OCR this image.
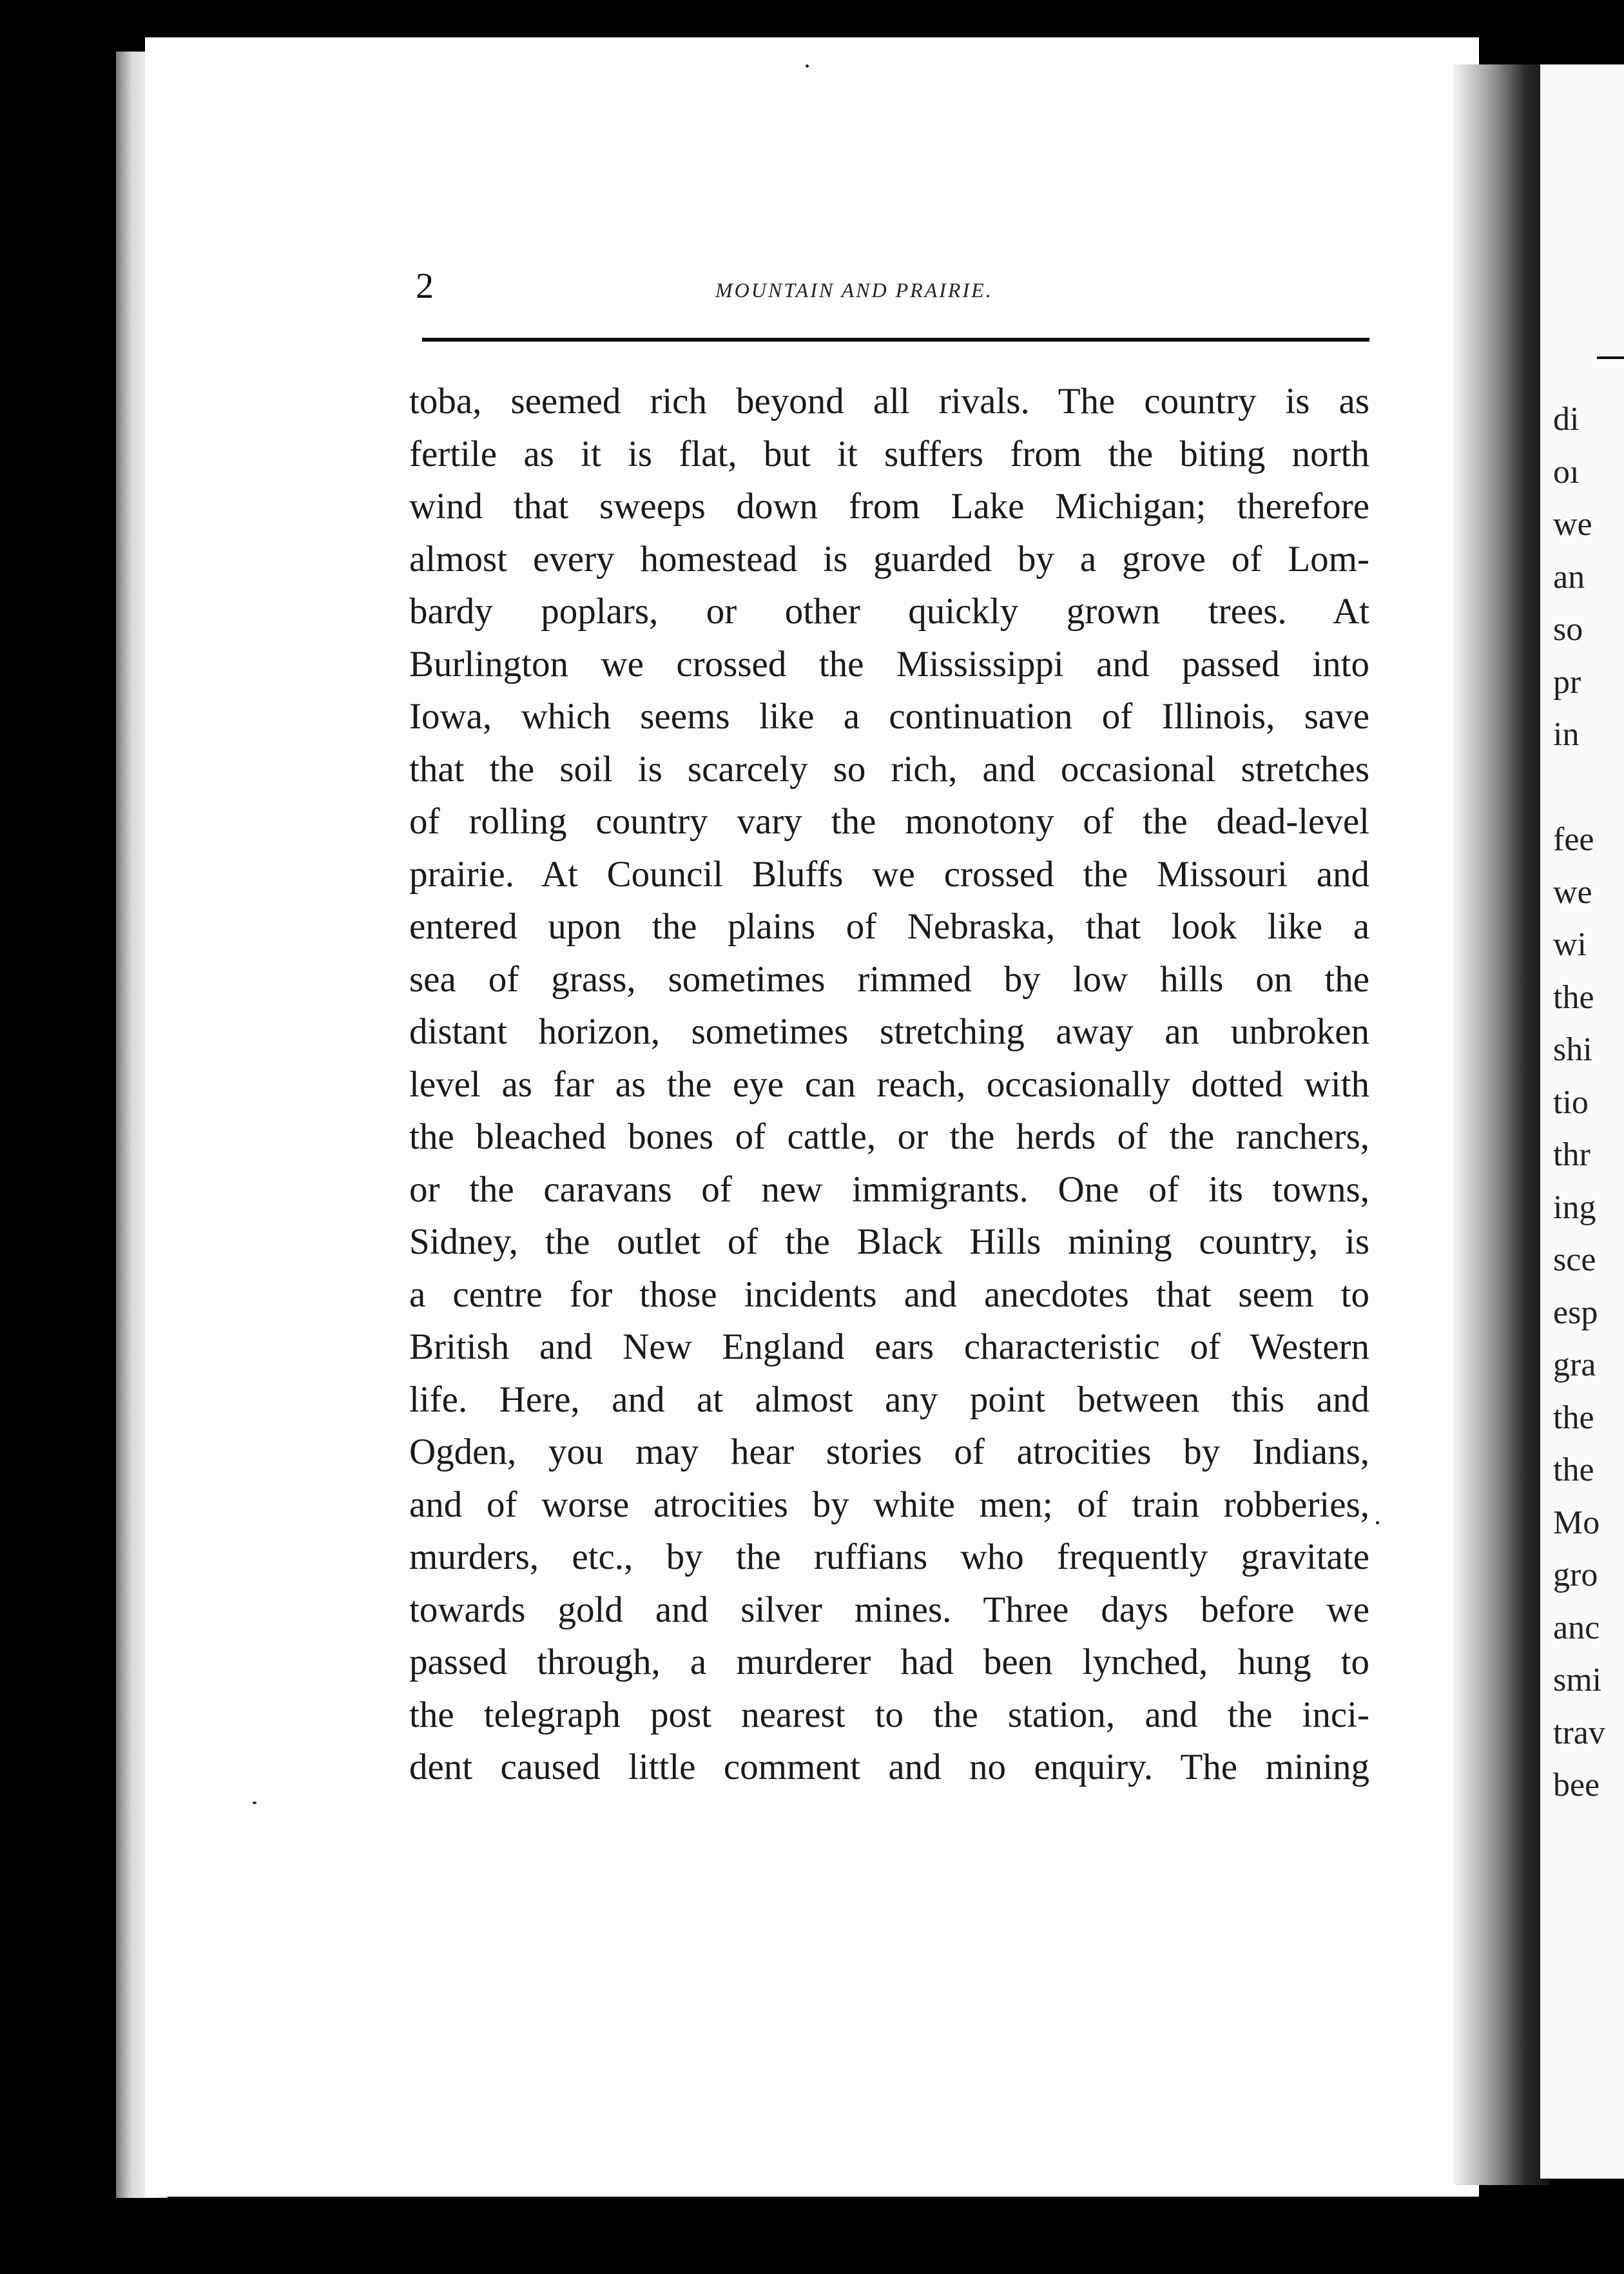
2	MOUNTAIN AND PRAIRIE.
toba, seemed rich beyond all rivals. The country is as
fertile as it is flat, but it suffers from the biting north
wind that sweeps down from Lake Michigan; therefore
almost every homestead is guarded by a grove of Lom-
bardy poplars, or other quickly grown trees. At
Burlington we crossed the Mississippi and passed into
Iowa, which seems like a continuation of Illinois, save
that the soil is scarcely so rich, and occasional stretches
of rolling country vary the monotony of the dead-level
prairie. At Council Bluffs we crossed the Missouri and
entered upon the plains of Nebraska, that look like a
sea of grass, sometimes rimmed by low hills on the
distant horizon, sometimes stretching away an unbroken
level as far as the eye can reach, occasionally dotted with
the bleached bones of cattle, or the herds of the ranchers,
or the caravans of new immigrants. One of its towns,
Sidney, the outlet of the Black Hills mining country, is
a centre for those incidents and anecdotes that seem to
British and New England ears characteristic of Western
life. Here, and at almost any point between this and
Ogden, you may hear stories of atrocities by Indians,
and of worse atrocities by white men; of train robberies,
murders, etc., by the ruffians who frequently gravitate
towards gold and silver mines. Three days before we
passed through, a murderer had been lynched, hung to
the telegraph post nearest to the station, and the inci-
dent caused little comment and no enquiry. The mining
di
oı
we
an
so
pr
in
fee
we
wi
the
shi
tio
thr
ing
sce
esp
gra
the
the
Mo
gro
anc
smi
trav
bee
